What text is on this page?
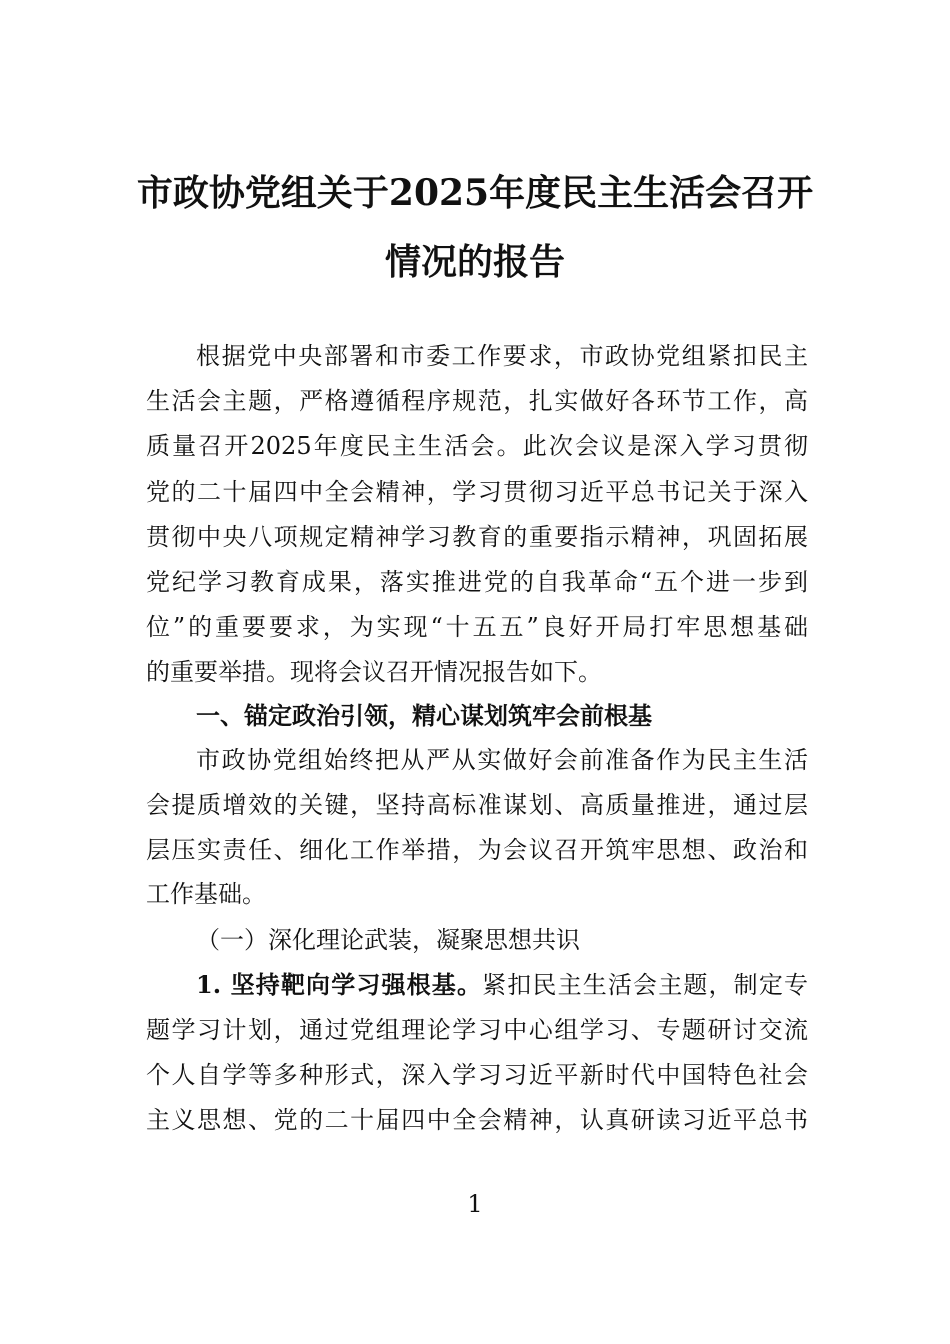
市政协党组关于2025年度民主生活会召开
情况的报告
根据党中央部署和市委工作要求，市政协党组紧扣民主
生活会主题，严格遵循程序规范，扎实做好各环节工作，高
质量召开2025年度民主生活会。此次会议是深入学习贯彻
党的二十届四中全会精神，学习贯彻习近平总书记关于深入
贯彻中央八项规定精神学习教育的重要指示精神，巩固拓展
党纪学习教育成果，落实推进党的自我革命“五个进一步到
位”的重要要求，为实现“十五五”良好开局打牢思想基础
的重要举措。现将会议召开情况报告如下。
一、锚定政治引领，精心谋划筑牢会前根基
市政协党组始终把从严从实做好会前准备作为民主生活
会提质增效的关键，坚持高标准谋划、高质量推进，通过层
层压实责任、细化工作举措，为会议召开筑牢思想、政治和
工作基础。
（一）深化理论武装，凝聚思想共识
1. 坚持靶向学习强根基。紧扣民主生活会主题，制定专
题学习计划，通过党组理论学习中心组学习、专题研讨交流
个人自学等多种形式，深入学习习近平新时代中国特色社会
主义思想、党的二十届四中全会精神，认真研读习近平总书
1
